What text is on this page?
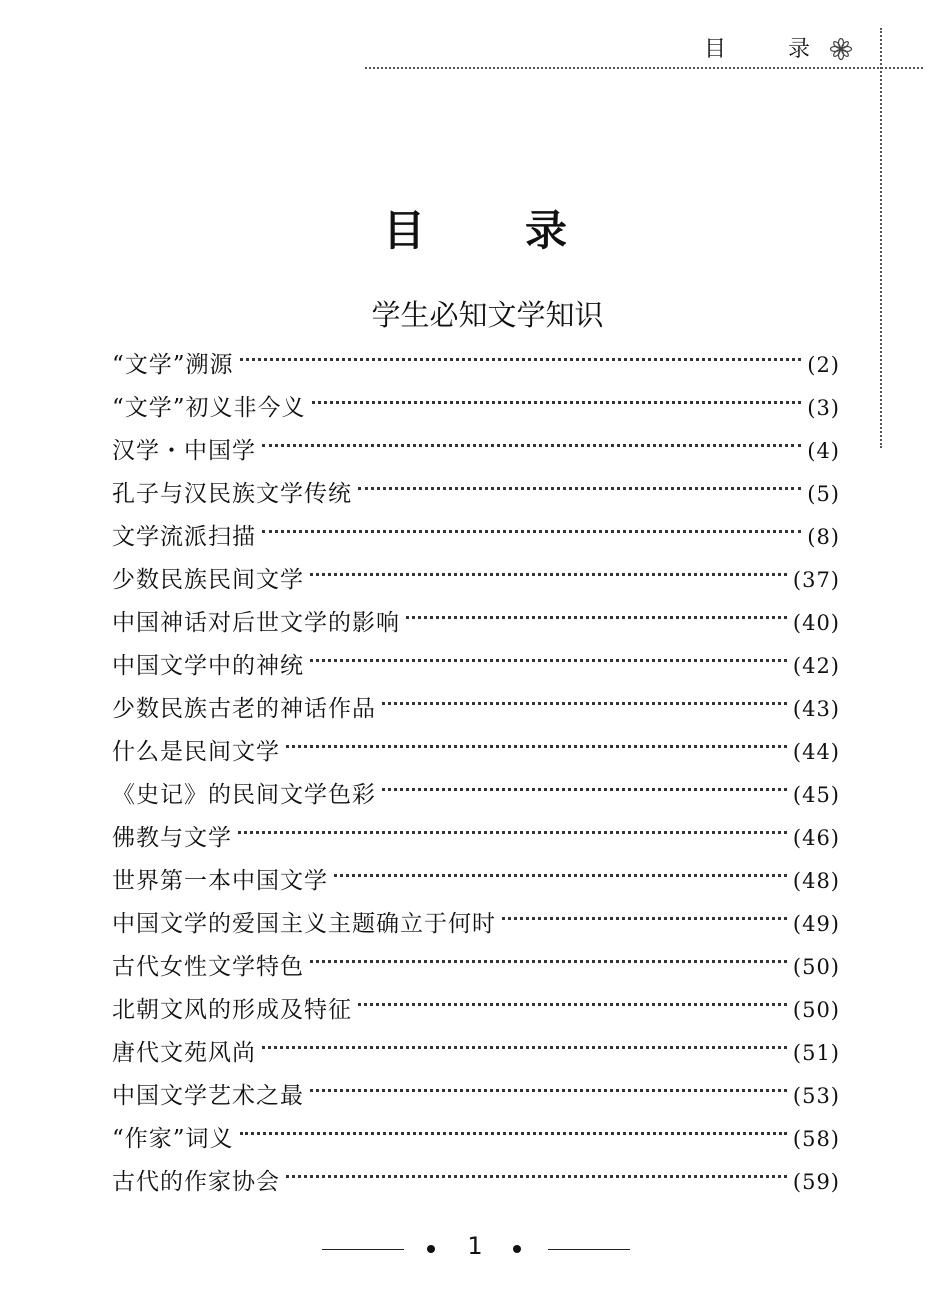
目	录
目 录
学生必知文学知识
“文学”溯源	(2)
“文学”初义非今义	(3)
汉学・中国学	(4)
孔子与汉民族文学传统	(5)
文学流派扫描	(8)
少数民族民间文学	(37)
中国神话对后世文学的影响	(40)
中国文学中的神统	(42)
少数民族古老的神话作品	(43)
什么是民间文学	(44)
《史记》的民间文学色彩	(45)
佛教与文学	(46)
世界第一本中国文学	(48)
中国文学的爱国主义主题确立于何时	(49)
古代女性文学特色	(50)
北朝文风的形成及特征	(50)
唐代文苑风尚	(51)
中国文学艺术之最	(53)
“作家”词义	(58)
古代的作家协会	(59)
1
